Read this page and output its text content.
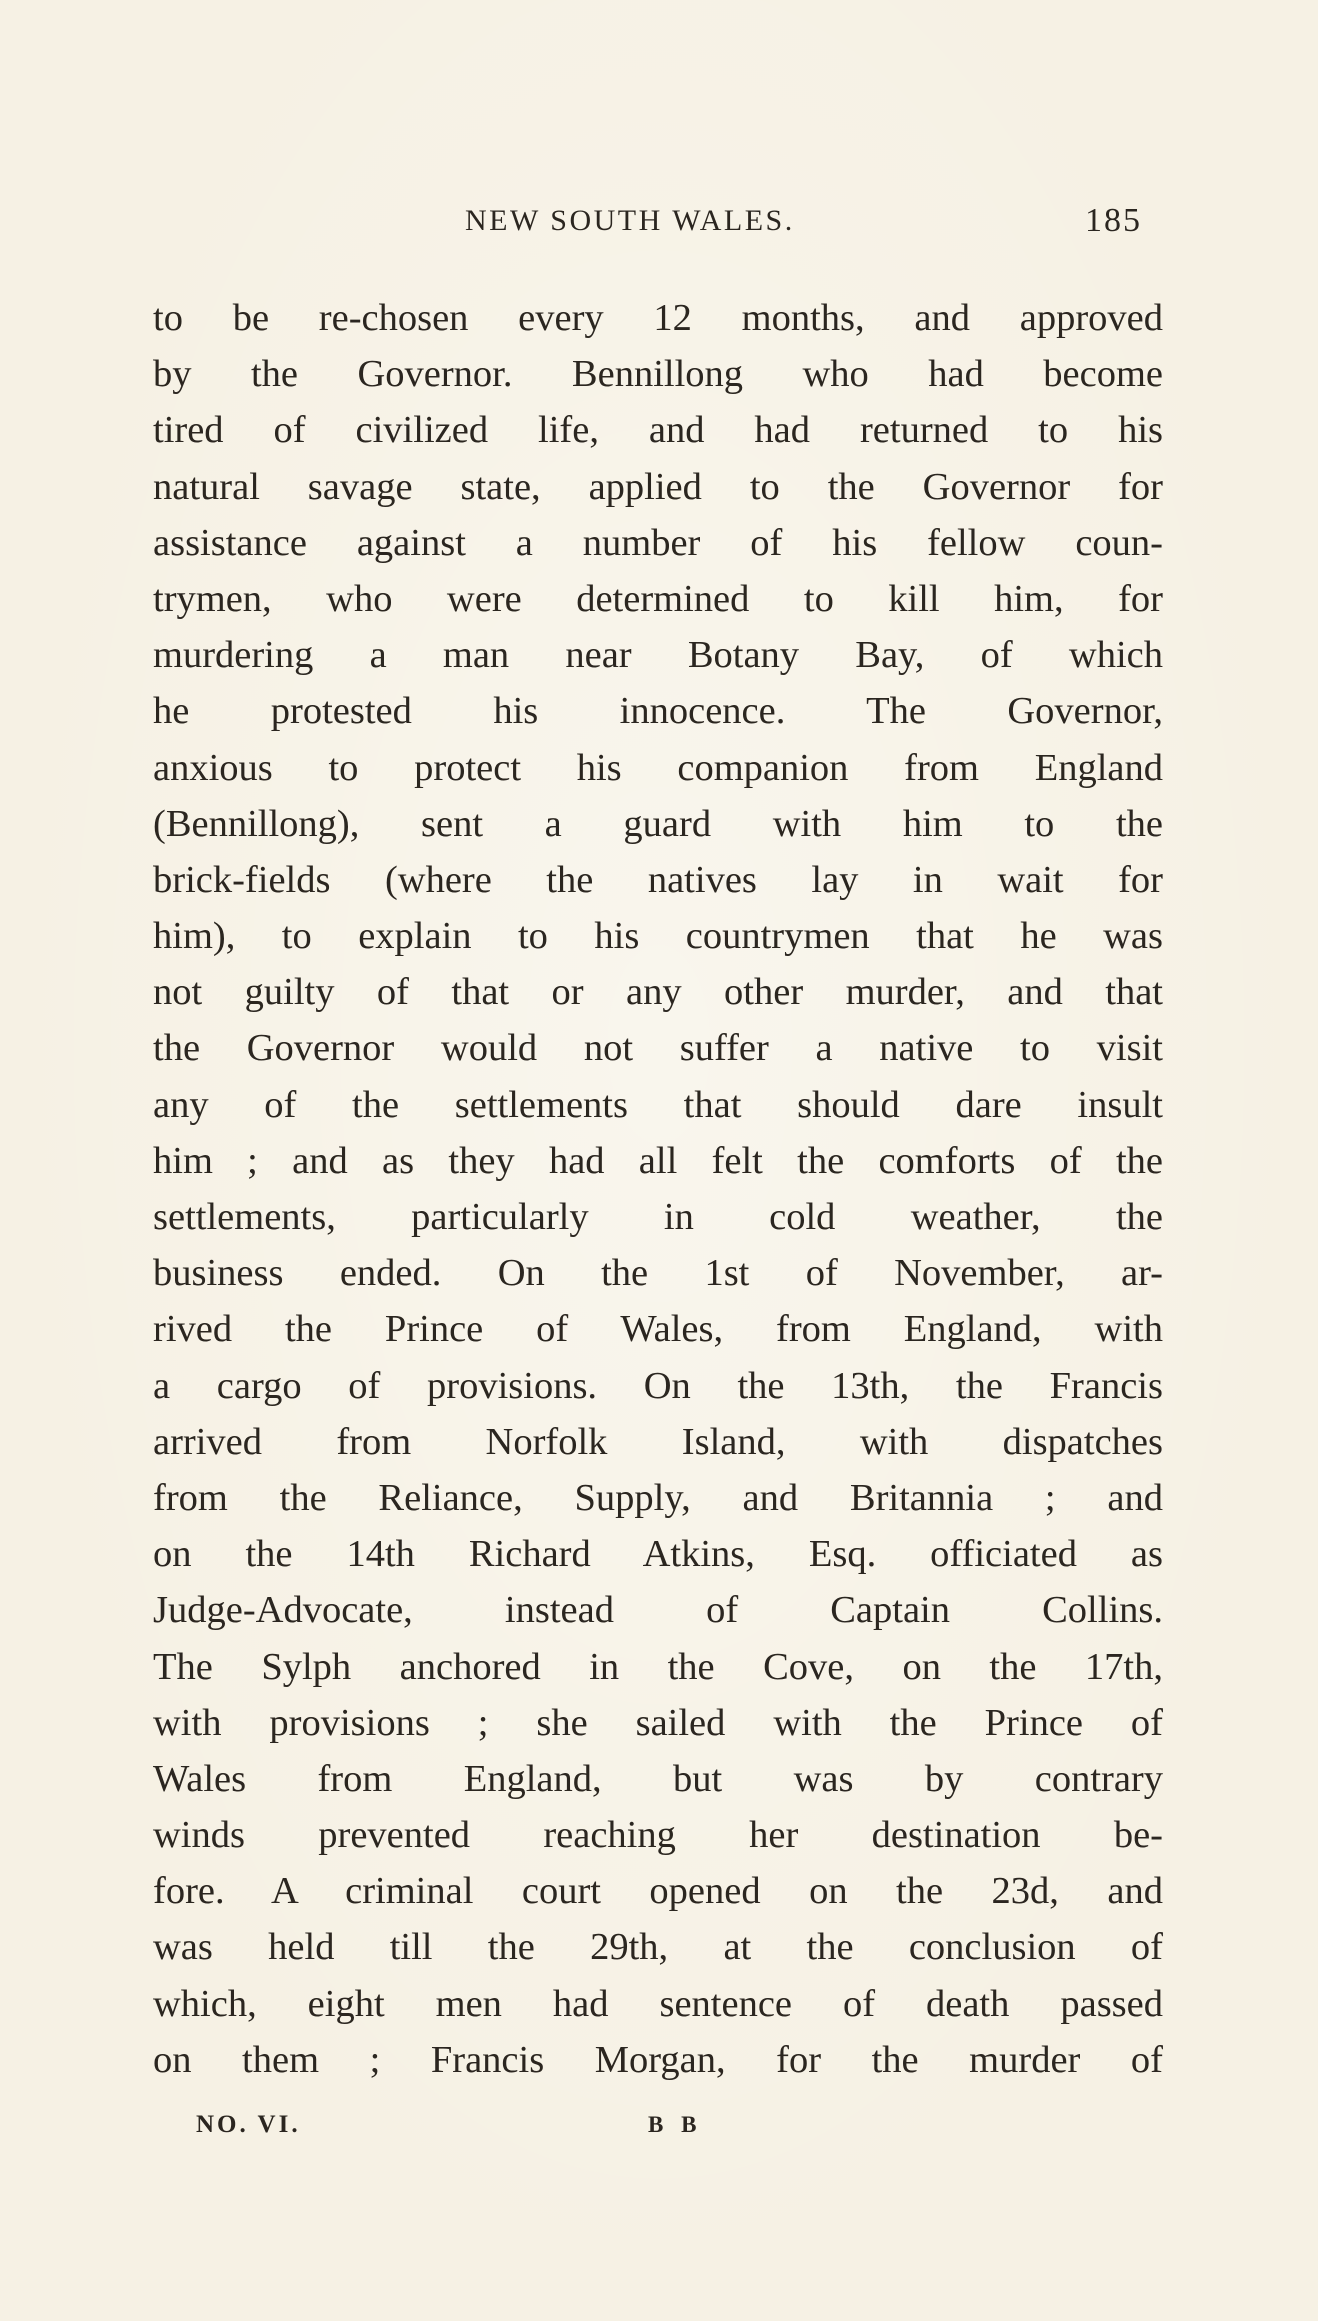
NEW SOUTH WALES.	185
to be re-chosen every 12 months, and approved
by the Governor. Bennillong who had become
tired of civilized life, and had returned to his
natural savage state, applied to the Governor for
assistance against a number of his fellow coun-
trymen, who were determined to kill him, for
murdering a man near Botany Bay, of which
he protested his innocence. The Governor,
anxious to protect his companion from England
(Bennillong), sent a guard with him to the
brick-fields (where the natives lay in wait for
him), to explain to his countrymen that he was
not guilty of that or any other murder, and that
the Governor would not suffer a native to visit
any of the settlements that should dare insult
him ; and as they had all felt the comforts of the
settlements, particularly in cold weather, the
business ended. On the 1st of November, ar-
rived the Prince of Wales, from England, with
a cargo of provisions. On the 13th, the Francis
arrived from Norfolk Island, with dispatches
from the Reliance, Supply, and Britannia ; and
on the 14th Richard Atkins, Esq. officiated as
Judge-Advocate, instead of Captain Collins.
The Sylph anchored in the Cove, on the 17th,
with provisions ; she sailed with the Prince of
Wales from England, but was by contrary
winds prevented reaching her destination be-
fore. A criminal court opened on the 23d, and
was held till the 29th, at the conclusion of
which, eight men had sentence of death passed
on them ; Francis Morgan, for the murder of
NO. VI.	B B
